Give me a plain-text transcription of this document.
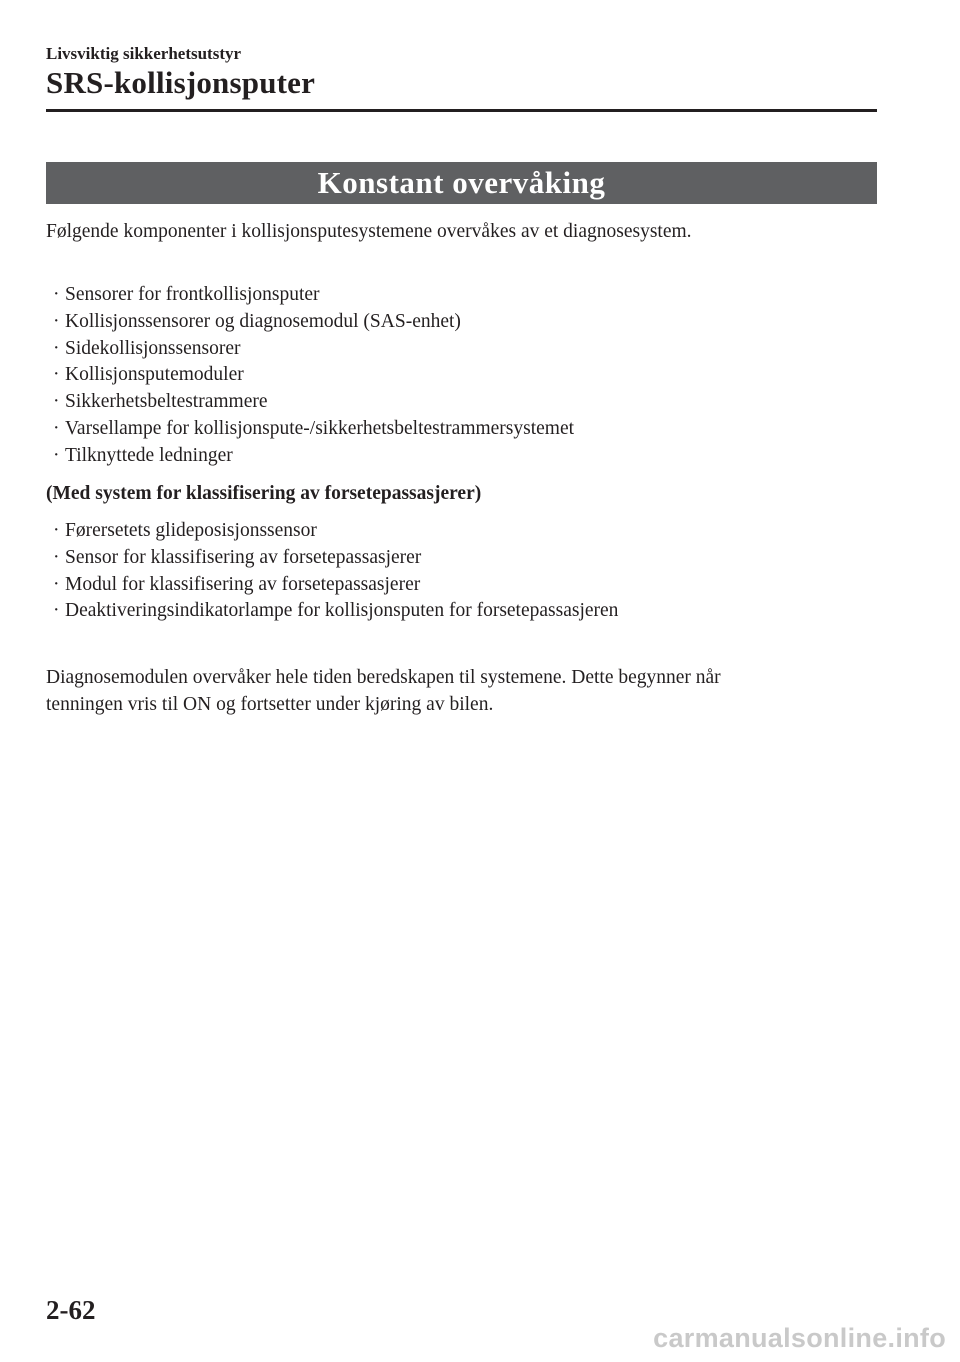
Livsviktig sikkerhetsutstyr
SRS-kollisjonsputer
Konstant overvåking
Følgende komponenter i kollisjonsputesystemene overvåkes av et diagnosesystem.
· Sensorer for frontkollisjonsputer
· Kollisjonssensorer og diagnosemodul (SAS-enhet)
· Sidekollisjonssensorer
· Kollisjonsputemoduler
· Sikkerhetsbeltestrammere
· Varsellampe for kollisjonspute-/sikkerhetsbeltestrammersystemet
· Tilknyttede ledninger
(Med system for klassifisering av forsetepassasjerer)
· Førersetets glideposisjonssensor
· Sensor for klassifisering av forsetepassasjerer
· Modul for klassifisering av forsetepassasjerer
· Deaktiveringsindikatorlampe for kollisjonsputen for forsetepassasjeren

Diagnosemodulen overvåker hele tiden beredskapen til systemene. Dette begynner når
tenningen vris til ON og fortsetter under kjøring av bilen.

2-62
carmanualsonline.info
